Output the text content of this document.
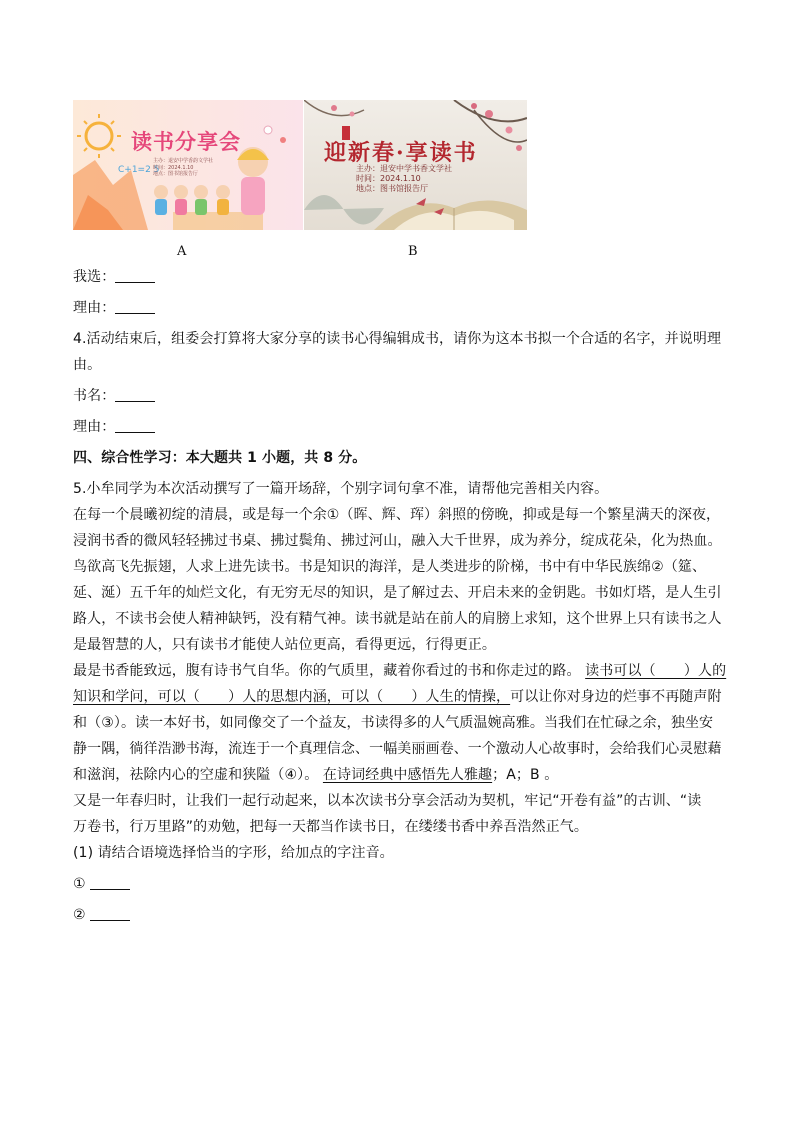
C+1=2 5
读书分享会
主办：退安中学香韵文学社
时间：2024.1.10
地点：图书馆报告厅
迎新春·享读书
主办：退安中学书香文学社
时间：2024.1.10
地点：图书馆报告厅
A	B
我选：
理由：
4.活动结束后，组委会打算将大家分享的读书心得编辑成书，请你为这本书拟一个合适的名字，并说明理
由。
书名：
理由：
四、综合性学习：本大题共 1 小题，共 8 分。
5.小牟同学为本次活动撰写了一篇开场辞，个别字词句拿不准，请帮他完善相关内容。
在每一个晨曦初绽的清晨，或是每一个余①（晖、辉、珲）斜照的傍晚，抑或是每一个繁星满天的深夜，
浸润书香的微风轻轻拂过书桌、拂过鬓角、拂过河山，融入大千世界，成为养分，绽成花朵，化为热血。
鸟欲高飞先振翅，人求上进先读书。书是知识的海洋，是人类进步的阶梯，书中有中华民族绵②（筵、
延、涎）五千年的灿烂文化，有无穷无尽的知识，是了解过去、开启未来的金钥匙。书如灯塔，是人生引
路人，不读书会使人精神缺钙，没有精气神。读书就是站在前人的肩膀上求知，这个世界上只有读书之人
是最智慧的人，只有读书才能使人站位更高，看得更远，行得更正。
最是书香能致远，腹有诗书气自华。你的气质里，藏着你看过的书和你走过的路。 读书可以（　　）人的
知识和学问，可以（　　）人的思想内涵，可以（　　）人生的情操，可以让你对身边的烂事不再随声附
和（③）。读一本好书，如同像交了一个益友，书读得多的人气质温婉高雅。当我们在忙碌之余，独坐安
静一隅，徜徉浩渺书海，流连于一个真理信念、一幅美丽画卷、一个激动人心故事时，会给我们心灵慰藉
和滋润，祛除内心的空虚和狭隘（④）。 在诗词经典中感悟先人雅趣；A；B 。
又是一年春归时，让我们一起行动起来，以本次读书分享会活动为契机，牢记“开卷有益”的古训、“读
万卷书，行万里路”的劝勉，把每一天都当作读书日，在缕缕书香中养吾浩然正气。
(1) 请结合语境选择恰当的字形，给加点的字注音。
①
②
